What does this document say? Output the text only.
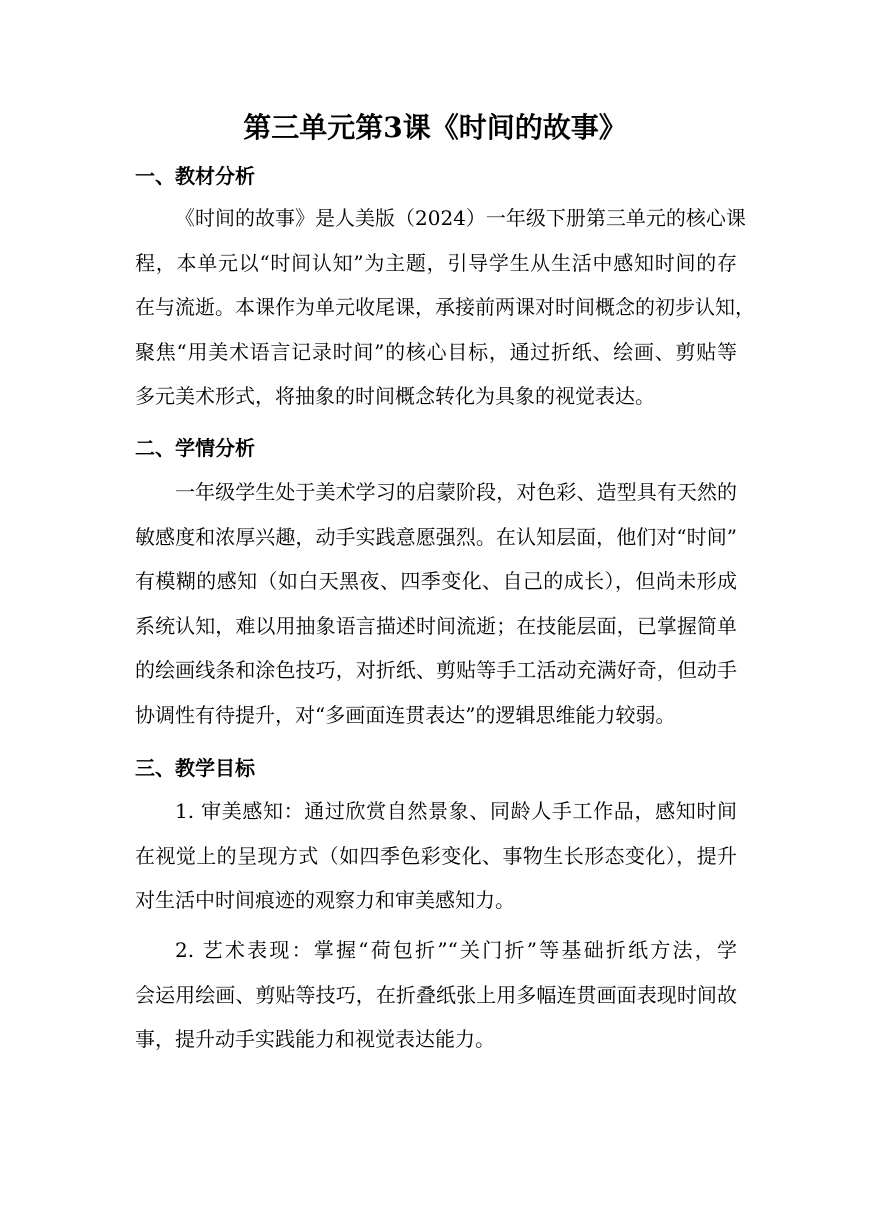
第三单元第3课《时间的故事》
一、教材分析
《时间的故事》是人美版（2024）一年级下册第三单元的核心课
程，本单元以“时间认知”为主题，引导学生从生活中感知时间的存
在与流逝。本课作为单元收尾课，承接前两课对时间概念的初步认知，
聚焦“用美术语言记录时间”的核心目标，通过折纸、绘画、剪贴等
多元美术形式，将抽象的时间概念转化为具象的视觉表达。
二、学情分析
一年级学生处于美术学习的启蒙阶段，对色彩、造型具有天然的
敏感度和浓厚兴趣，动手实践意愿强烈。在认知层面，他们对“时间”
有模糊的感知（如白天黑夜、四季变化、自己的成长），但尚未形成
系统认知，难以用抽象语言描述时间流逝；在技能层面，已掌握简单
的绘画线条和涂色技巧，对折纸、剪贴等手工活动充满好奇，但动手
协调性有待提升，对“多画面连贯表达”的逻辑思维能力较弱。
三、教学目标
1. 审美感知：通过欣赏自然景象、同龄人手工作品，感知时间
在视觉上的呈现方式（如四季色彩变化、事物生长形态变化），提升
对生活中时间痕迹的观察力和审美感知力。
2. 艺术表现：掌握“荷包折”“关门折”等基础折纸方法，学
会运用绘画、剪贴等技巧，在折叠纸张上用多幅连贯画面表现时间故
事，提升动手实践能力和视觉表达能力。
